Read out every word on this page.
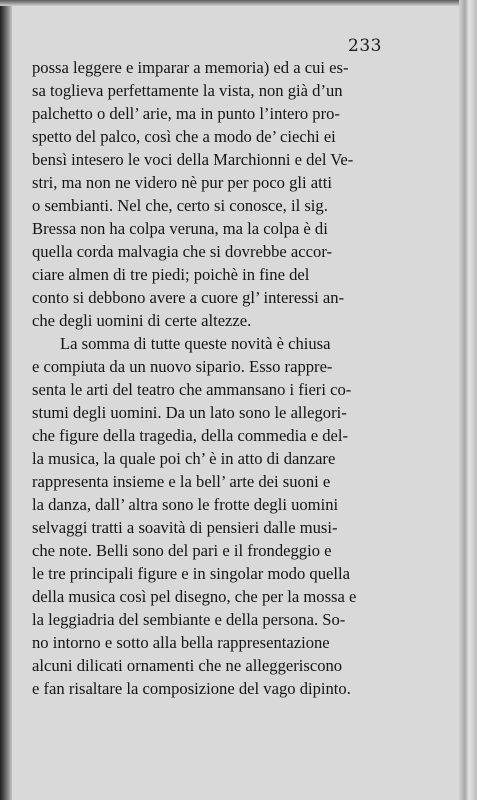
233
possa leggere e imparar a memoria) ed a cui es-
sa toglieva perfettamente la vista, non già d’un
palchetto o dell’ arie, ma in punto l’intero pro-
spetto del palco, così che a modo de’ ciechi ei
bensì intesero le voci della Marchionni e del Ve-
stri, ma non ne videro nè pur per poco gli atti
o sembianti. Nel che, certo si conosce, il sig.
Bressa non ha colpa veruna, ma la colpa è di
quella corda malvagia che si dovrebbe accor-
ciare almen di tre piedi; poichè in fine del
conto si debbono avere a cuore gl’ interessi an-
che degli uomini di certe altezze.
La somma di tutte queste novità è chiusa
e compiuta da un nuovo sipario. Esso rappre-
senta le arti del teatro che ammansano i fieri co-
stumi degli uomini. Da un lato sono le allegori-
che figure della tragedia, della commedia e del-
la musica, la quale poi ch’ è in atto di danzare
rappresenta insieme e la bell’ arte dei suoni e
la danza, dall’ altra sono le frotte degli uomini
selvaggi tratti a soavità di pensieri dalle musi-
che note. Belli sono del pari e il frondeggio e
le tre principali figure e in singolar modo quella
della musica così pel disegno, che per la mossa e
la leggiadria del sembiante e della persona. So-
no intorno e sotto alla bella rappresentazione
alcuni dilicati ornamenti che ne alleggeriscono
e fan risaltare la composizione del vago dipinto.
